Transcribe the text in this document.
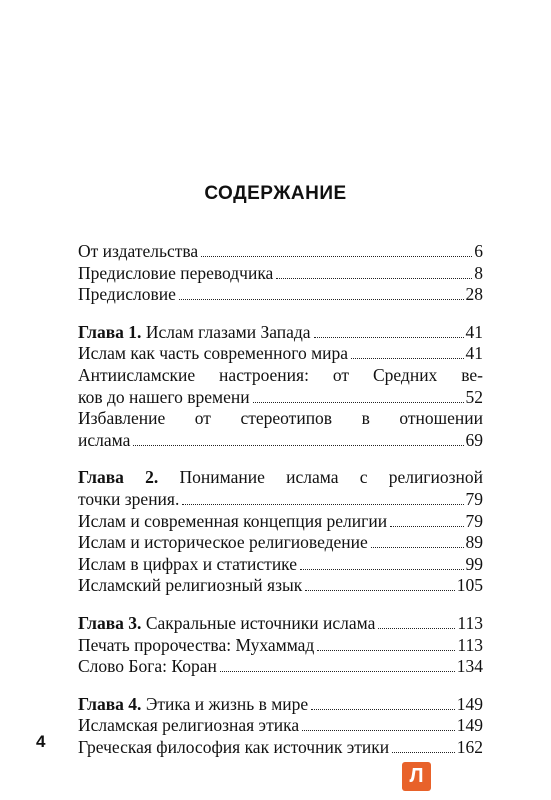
СОДЕРЖАНИЕ
От издательства	6
Предисловие переводчика	8
Предисловие	28
Глава 1. Ислам глазами Запада	41
Ислам как часть современного мира	41
Антиисламские настроения: от Средних ве-
ков до нашего времени	52
Избавление от стереотипов в отношении
ислама	69
Глава 2. Понимание ислама с религиозной
точки зрения.	79
Ислам и современная концепция религии	79
Ислам и историческое религиоведение	89
Ислам в цифрах и статистике	99
Исламский религиозный язык	105
Глава 3. Сакральные источники ислама	113
Печать пророчества: Мухаммад	113
Слово Бога: Коран	134
Глава 4. Этика и жизнь в мире	149
Исламская религиозная этика	149
Греческая философия как источник этики	162
4
Л
